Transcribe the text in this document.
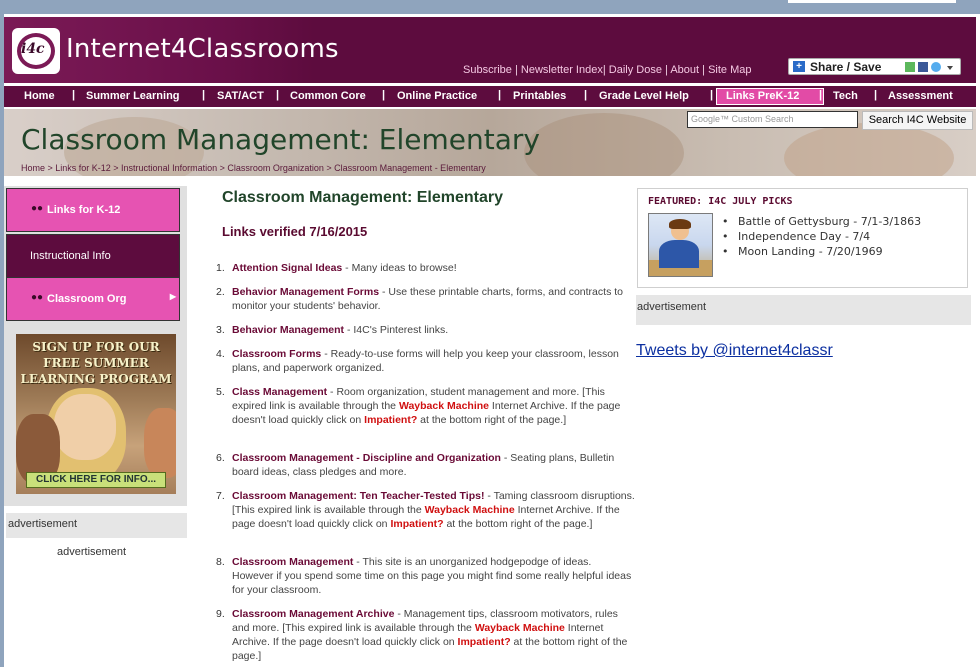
i4c Internet4Classrooms
Subscribe | Newsletter Index| Daily Dose | About | Site Map	+ Share / Save
Home | Summer Learning | SAT/ACT | Common Core | Online Practice | Printables | Grade Level Help | Links PreK-12 | Tech | Assessment
Classroom Management: Elementary
Home > Links for K-12 > Instructional Information > Classroom Organization > Classroom Management - Elementary
Google™ Custom Search	Search I4C Website
●● Links for K-12
Instructional Info
●● Classroom Org	▶
SIGN UP FOR OUR FREE SUMMER LEARNING PROGRAM
CLICK HERE FOR INFO...
advertisement
advertisement
Classroom Management: Elementary
Links verified 7/16/2015
1. Attention Signal Ideas - Many ideas to browse!
2. Behavior Management Forms - Use these printable charts, forms, and contracts to monitor your students' behavior.
3. Behavior Management - I4C's Pinterest links.
4. Classroom Forms - Ready-to-use forms will help you keep your classroom, lesson plans, and paperwork organized.
5. Class Management - Room organization, student management and more. [This expired link is available through the Wayback Machine Internet Archive. If the page doesn't load quickly click on Impatient? at the bottom right of the page.]
6. Classroom Management - Discipline and Organization - Seating plans, Bulletin board ideas, class pledges and more.
7. Classroom Management: Ten Teacher-Tested Tips! - Taming classroom disruptions. [This expired link is available through the Wayback Machine Internet Archive. If the page doesn't load quickly click on Impatient? at the bottom right of the page.]
8. Classroom Management - This site is an unorganized hodgepodge of ideas. However if you spend some time on this page you might find some really helpful ideas for your classroom.
9. Classroom Management Archive - Management tips, classroom motivators, rules and more. [This expired link is available through the Wayback Machine Internet Archive. If the page doesn't load quickly click on Impatient? at the bottom right of the page.]
FEATURED: I4C JULY PICKS
• Battle of Gettysburg - 7/1-3/1863
• Independence Day - 7/4
• Moon Landing - 7/20/1969
advertisement
Tweets by @internet4classr
